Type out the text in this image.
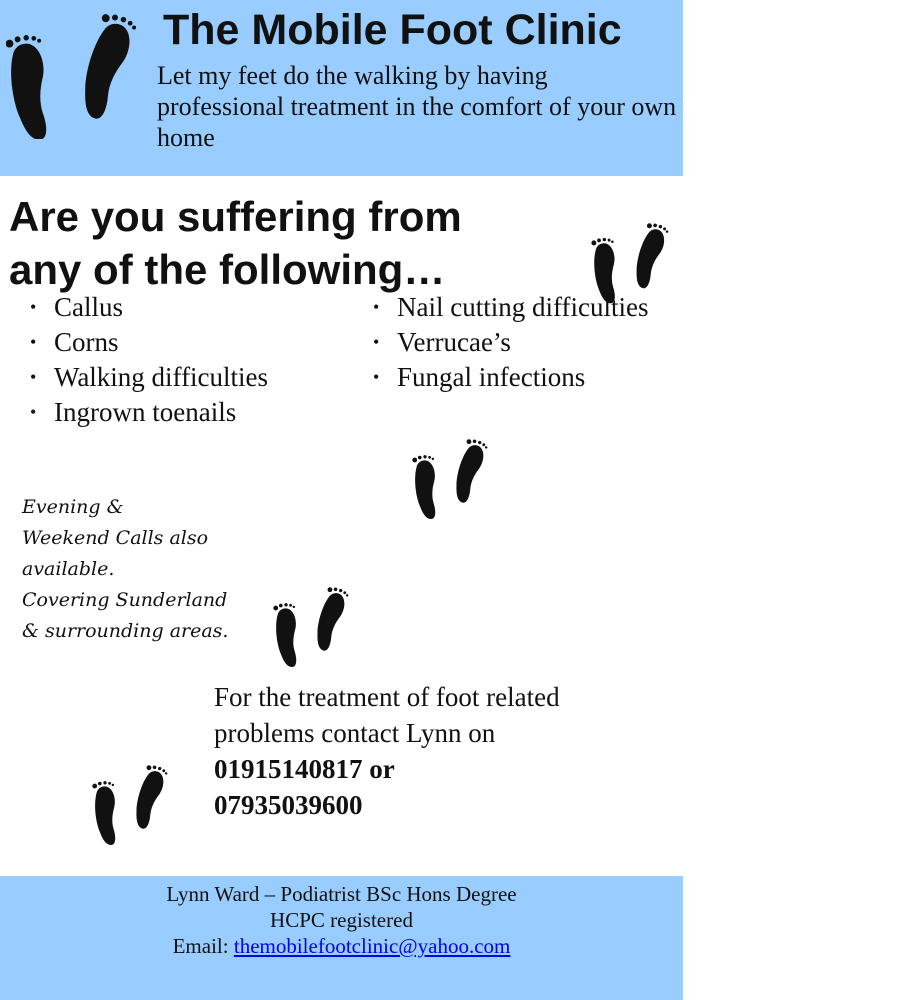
The Mobile Foot Clinic
Let my feet do the walking by having professional treatment in the comfort of your own home
Are you suffering from
any of the following…
• Callus
• Corns
• Walking difficulties
• Ingrown toenails
• Nail cutting difficulties
• Verrucae’s
• Fungal infections
Evening &
Weekend Calls also
available.
Covering Sunderland
& surrounding areas.
For the treatment of foot related problems contact Lynn on
01915140817 or
07935039600
Lynn Ward – Podiatrist BSc Hons Degree
HCPC registered
Email: themobilefootclinic@yahoo.com
